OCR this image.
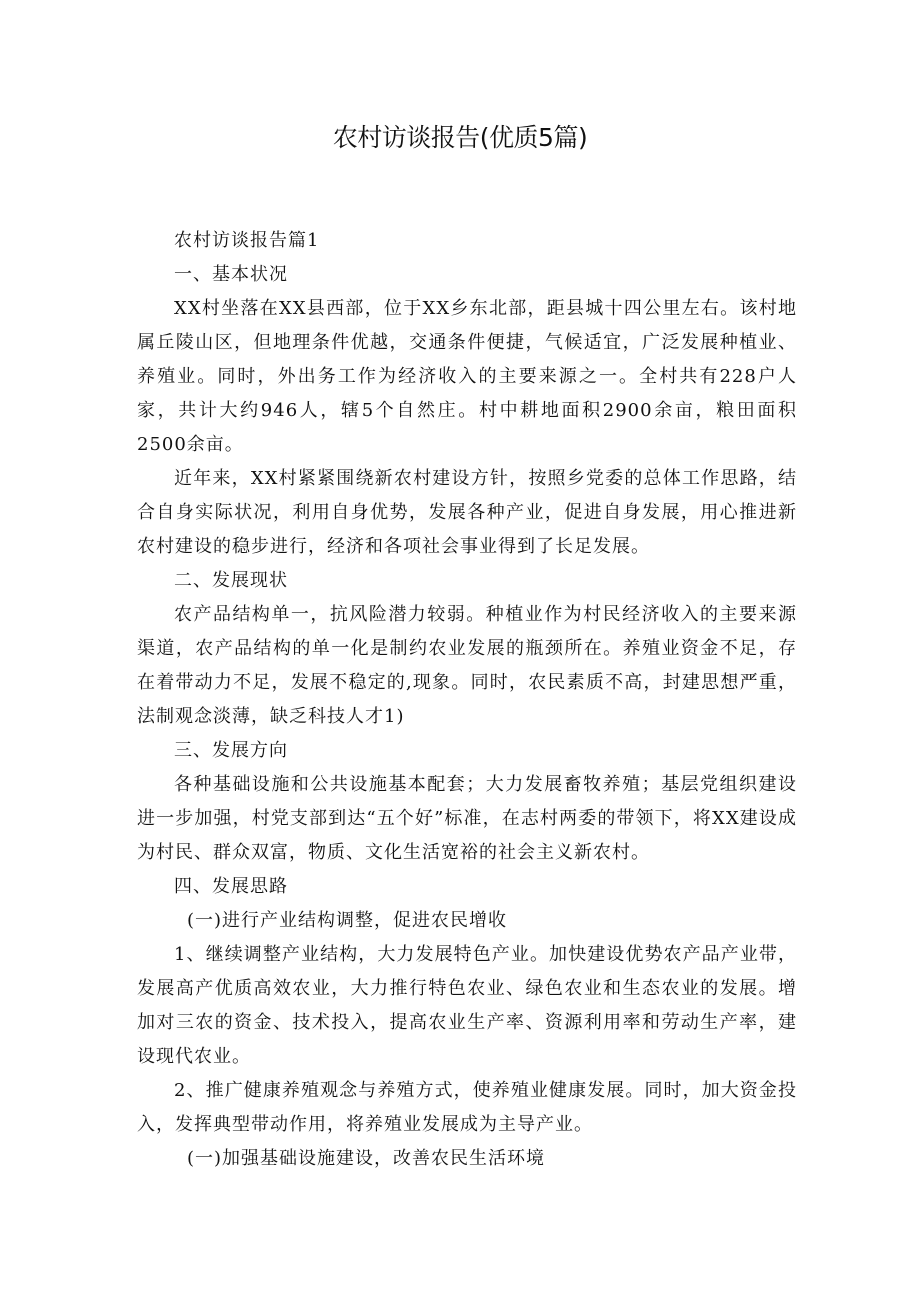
农村访谈报告(优质5篇)

农村访谈报告篇1

一、基本状况

XX村坐落在XX县西部，位于XX乡东北部，距县城十四公里左右。该村地属丘陵山区，但地理条件优越，交通条件便捷，气候适宜，广泛发展种植业、养殖业。同时，外出务工作为经济收入的主要来源之一。全村共有228户人家，共计大约946人，辖5个自然庄。村中耕地面积2900余亩，粮田面积2500余亩。

近年来，XX村紧紧围绕新农村建设方针，按照乡党委的总体工作思路，结合自身实际状况，利用自身优势，发展各种产业，促进自身发展，用心推进新农村建设的稳步进行，经济和各项社会事业得到了长足发展。

二、发展现状

农产品结构单一，抗风险潜力较弱。种植业作为村民经济收入的主要来源渠道，农产品结构的单一化是制约农业发展的瓶颈所在。养殖业资金不足，存在着带动力不足，发展不稳定的,现象。同时，农民素质不高，封建思想严重，法制观念淡薄，缺乏科技人才1)

三、发展方向

各种基础设施和公共设施基本配套；大力发展畜牧养殖；基层党组织建设进一步加强，村党支部到达“五个好”标准，在志村两委的带领下，将XX建设成为村民、群众双富，物质、文化生活宽裕的社会主义新农村。

四、发展思路

(一)进行产业结构调整，促进农民增收

1、继续调整产业结构，大力发展特色产业。加快建设优势农产品产业带，发展高产优质高效农业，大力推行特色农业、绿色农业和生态农业的发展。增加对三农的资金、技术投入，提高农业生产率、资源利用率和劳动生产率，建设现代农业。

2、推广健康养殖观念与养殖方式，使养殖业健康发展。同时，加大资金投入，发挥典型带动作用，将养殖业发展成为主导产业。

(一)加强基础设施建设，改善农民生活环境
